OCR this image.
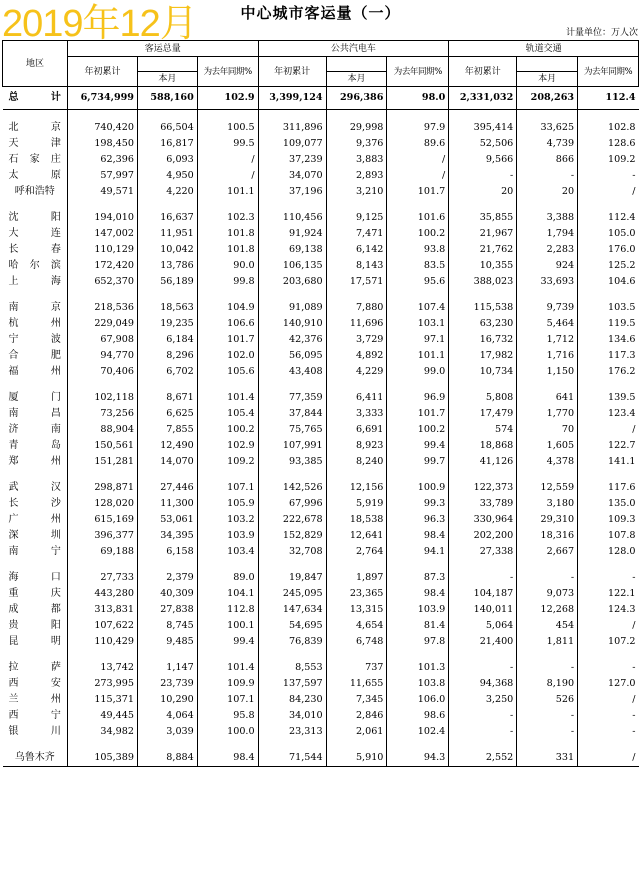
中心城市客运量（一）
2019年12月	计量单位：万人次
地区	客运总量			公共汽电车			轨道交通		
	年初累计		为去年同期%	年初累计		为去年同期%	年初累计		为去年同期%
		本月			本月			本月	
总　计	6,734,999	588,160	102.9	3,399,124	296,386	98.0	2,331,032	208,263	112.4

北京	740,420	66,504	100.5	311,896	29,998	97.9	395,414	33,625	102.8
天津	198,450	16,817	99.5	109,077	9,376	89.6	52,506	4,739	128.6
石家庄	62,396	6,093	/	37,239	3,883	/	9,566	866	109.2
太原	57,997	4,950	/	34,070	2,893	/	-	-	-
呼和浩特	49,571	4,220	101.1	37,196	3,210	101.7	20	20	/

沈阳	194,010	16,637	102.3	110,456	9,125	101.6	35,855	3,388	112.4
大连	147,002	11,951	101.8	91,924	7,471	100.2	21,967	1,794	105.0
长春	110,129	10,042	101.8	69,138	6,142	93.8	21,762	2,283	176.0
哈尔滨	172,420	13,786	90.0	106,135	8,143	83.5	10,355	924	125.2
上海	652,370	56,189	99.8	203,680	17,571	95.6	388,023	33,693	104.6

南京	218,536	18,563	104.9	91,089	7,880	107.4	115,538	9,739	103.5
杭州	229,049	19,235	106.6	140,910	11,696	103.1	63,230	5,464	119.5
宁波	67,908	6,184	101.7	42,376	3,729	97.1	16,732	1,712	134.6
合肥	94,770	8,296	102.0	56,095	4,892	101.1	17,982	1,716	117.3
福州	70,406	6,702	105.6	43,408	4,229	99.0	10,734	1,150	176.2

厦门	102,118	8,671	101.4	77,359	6,411	96.9	5,808	641	139.5
南昌	73,256	6,625	105.4	37,844	3,333	101.7	17,479	1,770	123.4
济南	88,904	7,855	100.2	75,765	6,691	100.2	574	70	/
青岛	150,561	12,490	102.9	107,991	8,923	99.4	18,868	1,605	122.7
郑州	151,281	14,070	109.2	93,385	8,240	99.7	41,126	4,378	141.1

武汉	298,871	27,446	107.1	142,526	12,156	100.9	122,373	12,559	117.6
长沙	128,020	11,300	105.9	67,996	5,919	99.3	33,789	3,180	135.0
广州	615,169	53,061	103.2	222,678	18,538	96.3	330,964	29,310	109.3
深圳	396,377	34,395	103.9	152,829	12,641	98.4	202,200	18,316	107.8
南宁	69,188	6,158	103.4	32,708	2,764	94.1	27,338	2,667	128.0

海口	27,733	2,379	89.0	19,847	1,897	87.3	-	-	-
重庆	443,280	40,309	104.1	245,095	23,365	98.4	104,187	9,073	122.1
成都	313,831	27,838	112.8	147,634	13,315	103.9	140,011	12,268	124.3
贵阳	107,622	8,745	100.1	54,695	4,654	81.4	5,064	454	/
昆明	110,429	9,485	99.4	76,839	6,748	97.8	21,400	1,811	107.2

拉萨	13,742	1,147	101.4	8,553	737	101.3	-	-	-
西安	273,995	23,739	109.9	137,597	11,655	103.8	94,368	8,190	127.0
兰州	115,371	10,290	107.1	84,230	7,345	106.0	3,250	526	/
西宁	49,445	4,064	95.8	34,010	2,846	98.6	-	-	-
银川	34,982	3,039	100.0	23,313	2,061	102.4	-	-	-

乌鲁木齐	105,389	8,884	98.4	71,544	5,910	94.3	2,552	331	/
